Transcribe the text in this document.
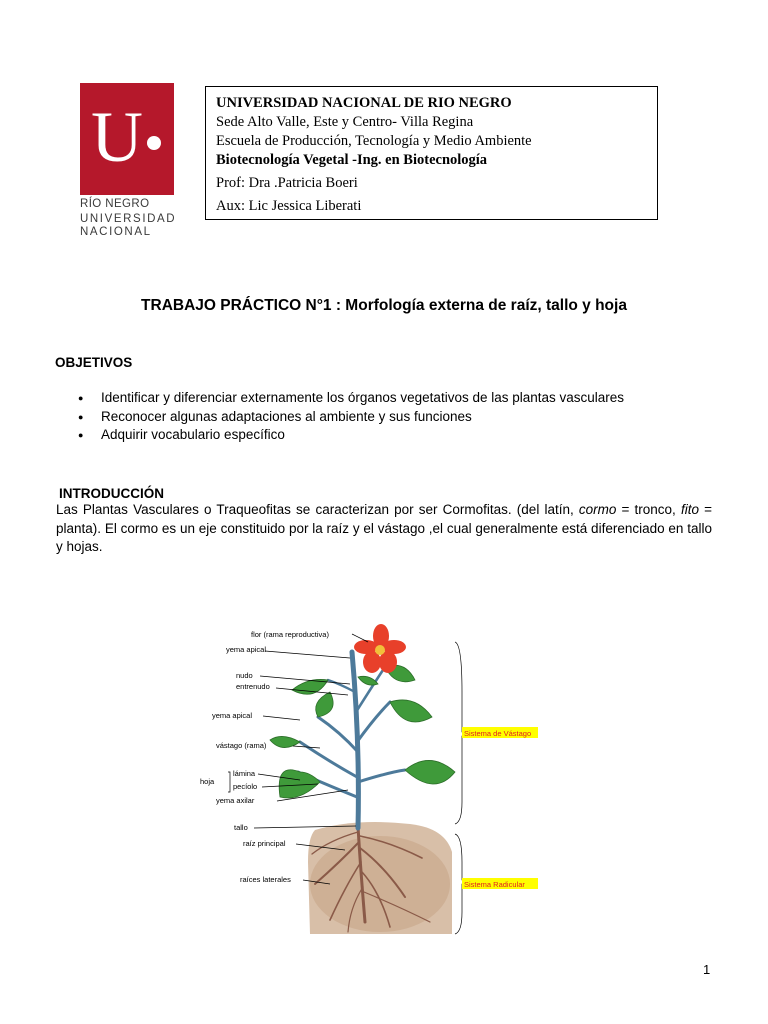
U
RÍO NEGRO
UNIVERSIDAD
NACIONAL
UNIVERSIDAD NACIONAL DE RIO NEGRO
Sede Alto Valle, Este y Centro- Villa Regina
Escuela de Producción, Tecnología y Medio Ambiente
Biotecnología Vegetal -Ing. en Biotecnología
Prof: Dra .Patricia Boeri
Aux: Lic Jessica Liberati
TRABAJO PRÁCTICO N°1 : Morfología externa de raíz, tallo y hoja
OBJETIVOS
● Identificar y diferenciar externamente los órganos vegetativos de las plantas vasculares
● Reconocer algunas adaptaciones al ambiente y sus funciones
● Adquirir vocabulario específico
INTRODUCCIÓN
Las Plantas Vasculares o Traqueofitas se caracterizan por ser Cormofitas. (del latín, cormo = tronco, fito = planta). El cormo es un eje constituido por la raíz y el vástago ,el cual generalmente está diferenciado en tallo y hojas.
flor (rama reproductiva)
yema apical
nudo
entrenudo
yema apical
vástago (rama)
hoja
lámina
pecíolo
yema axilar
tallo
raíz principal
raíces laterales
Sistema de Vástago
Sistema Radicular
1
